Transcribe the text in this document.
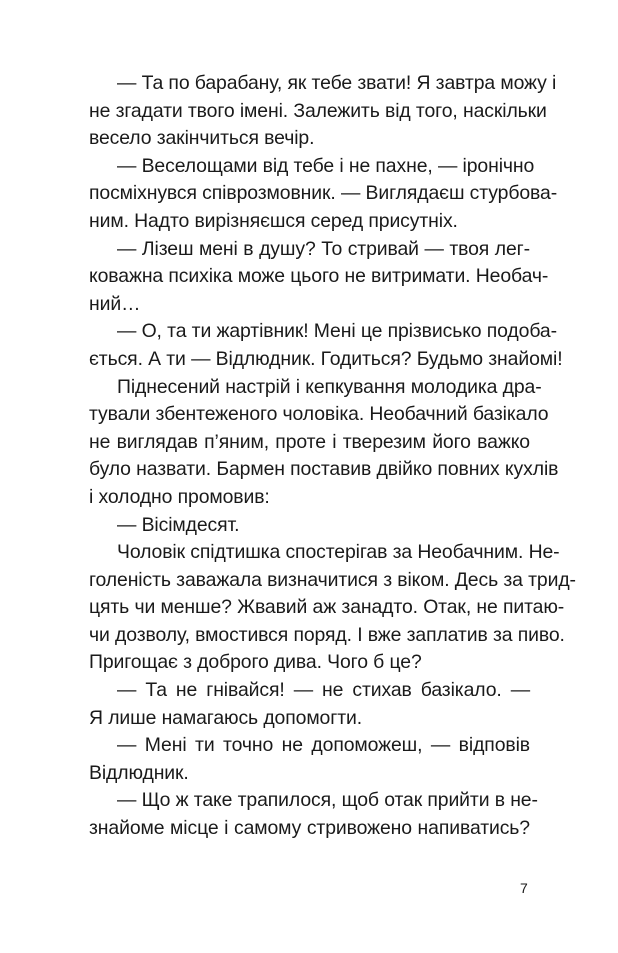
— Та по барабану, як тебе звати! Я завтра можу і
не згадати твого імені. Залежить від того, наскільки
весело закінчиться вечір.
— Веселощами від тебе і не пахне, — іронічно
посміхнувся співрозмовник. — Виглядаєш стурбова-
ним. Надто вирізняєшся серед присутніх.
— Лізеш мені в душу? То стривай — твоя лег-
коважна психіка може цього не витримати. Необач-
ний…
— О, та ти жартівник! Мені це прізвисько подоба-
ється. А ти — Відлюдник. Годиться? Будьмо знайомі!
Піднесений настрій і кепкування молодика дра-
тували збентеженого чоловіка. Необачний базікало
не виглядав п’яним, проте і тверезим його важко
було назвати. Бармен поставив двійко повних кухлів
і холодно промовив:
— Вісімдесят.
Чоловік спідтишка спостерігав за Необачним. Не-
голеність заважала визначитися з віком. Десь за трид-
цять чи менше? Жвавий аж занадто. Отак, не питаю-
чи дозволу, вмостився поряд. І вже заплатив за пиво.
Пригощає з доброго дива. Чого б це?
— Та не гнівайся! — не стихав базікало. —
Я лише намагаюсь допомогти.
— Мені ти точно не допоможеш, — відповів
Відлюдник.
— Що ж таке трапилося, щоб отак прийти в не-
знайоме місце і самому стривожено напиватись?
7
